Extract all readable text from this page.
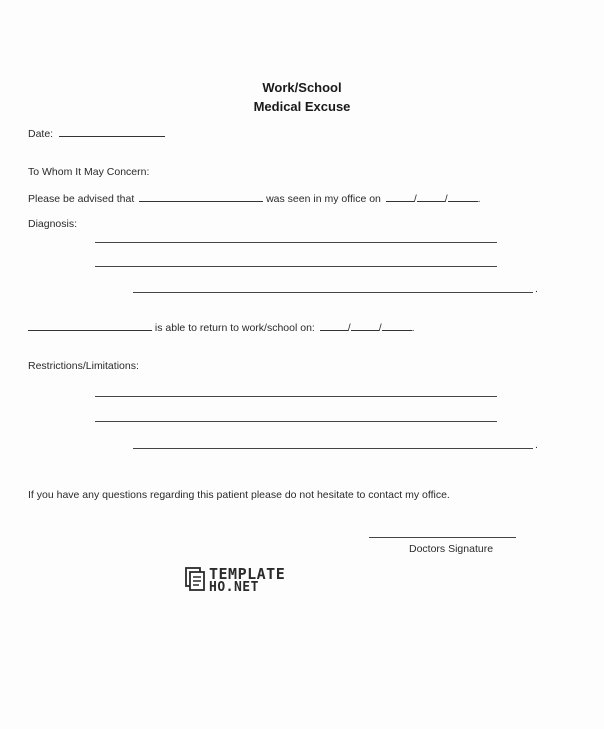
Work/School
Medical Excuse
Date:
To Whom It May Concern:
Please be advised that	was seen in my office on	/	/	.
Diagnosis:
.
is able to return to work/school on:	/	/	.
Restrictions/Limitations:
.
If you have any questions regarding this patient please do not hesitate to contact my office.
Doctors Signature
TEMPLATE
HO.NET
